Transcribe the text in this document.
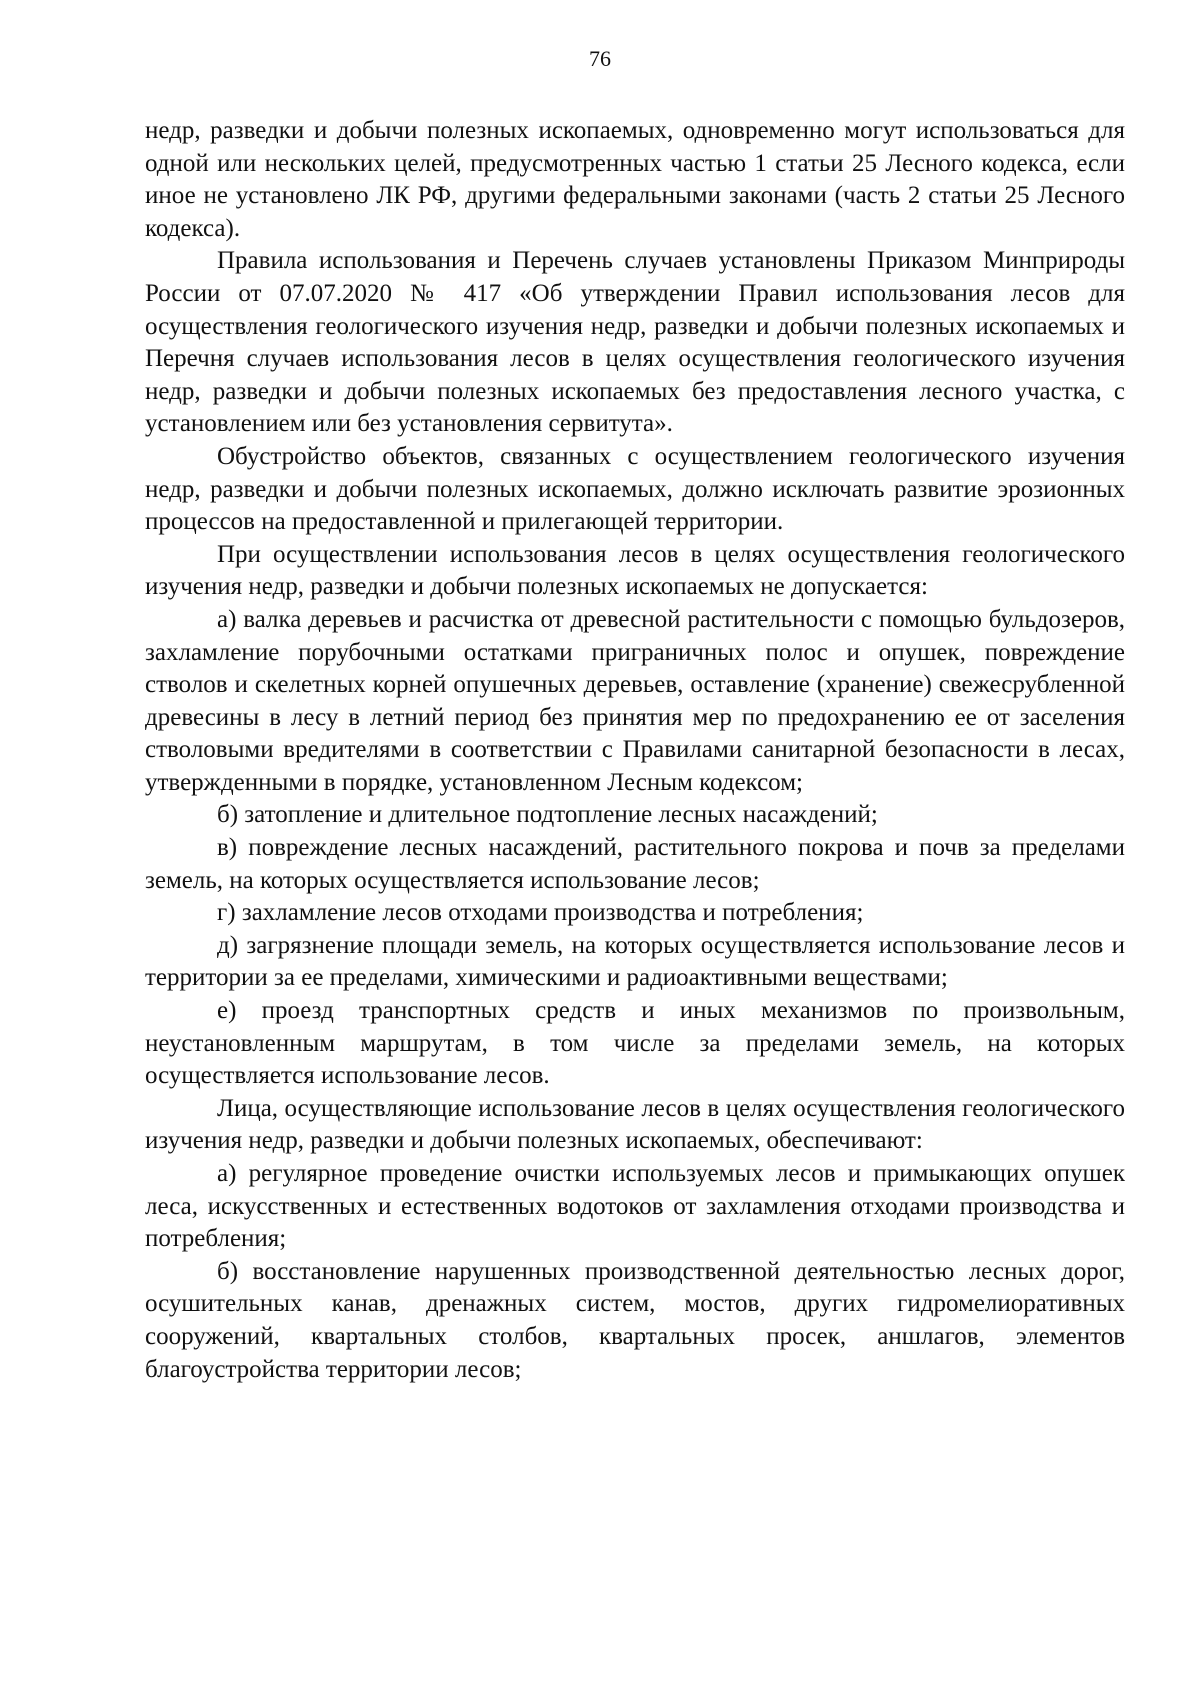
76

недр, разведки и добычи полезных ископаемых, одновременно могут использоваться для одной или нескольких целей, предусмотренных частью 1 статьи 25 Лесного кодекса, если иное не установлено ЛК РФ, другими федеральными законами (часть 2 статьи 25 Лесного кодекса).

Правила использования и Перечень случаев установлены Приказом Минприроды России от 07.07.2020 № 417 «Об утверждении Правил использования лесов для осуществления геологического изучения недр, разведки и добычи полезных ископаемых и Перечня случаев использования лесов в целях осуществления геологического изучения недр, разведки и добычи полезных ископаемых без предоставления лесного участка, с установлением или без установления сервитута».

Обустройство объектов, связанных с осуществлением геологического изучения недр, разведки и добычи полезных ископаемых, должно исключать развитие эрозионных процессов на предоставленной и прилегающей территории.

При осуществлении использования лесов в целях осуществления геологического изучения недр, разведки и добычи полезных ископаемых не допускается:

а) валка деревьев и расчистка от древесной растительности с помощью бульдозеров, захламление порубочными остатками приграничных полос и опушек, повреждение стволов и скелетных корней опушечных деревьев, оставление (хранение) свежесрубленной древесины в лесу в летний период без принятия мер по предохранению ее от заселения стволовыми вредителями в соответствии с Правилами санитарной безопасности в лесах, утвержденными в порядке, установленном Лесным кодексом;

б) затопление и длительное подтопление лесных насаждений;

в) повреждение лесных насаждений, растительного покрова и почв за пределами земель, на которых осуществляется использование лесов;

г) захламление лесов отходами производства и потребления;

д) загрязнение площади земель, на которых осуществляется использование лесов и территории за ее пределами, химическими и радиоактивными веществами;

е) проезд транспортных средств и иных механизмов по произвольным, неустановленным маршрутам, в том числе за пределами земель, на которых осуществляется использование лесов.

Лица, осуществляющие использование лесов в целях осуществления геологического изучения недр, разведки и добычи полезных ископаемых, обеспечивают:

а) регулярное проведение очистки используемых лесов и примыкающих опушек леса, искусственных и естественных водотоков от захламления отходами производства и потребления;

б) восстановление нарушенных производственной деятельностью лесных дорог, осушительных канав, дренажных систем, мостов, других гидромелиоративных сооружений, квартальных столбов, квартальных просек, аншлагов, элементов благоустройства территории лесов;
